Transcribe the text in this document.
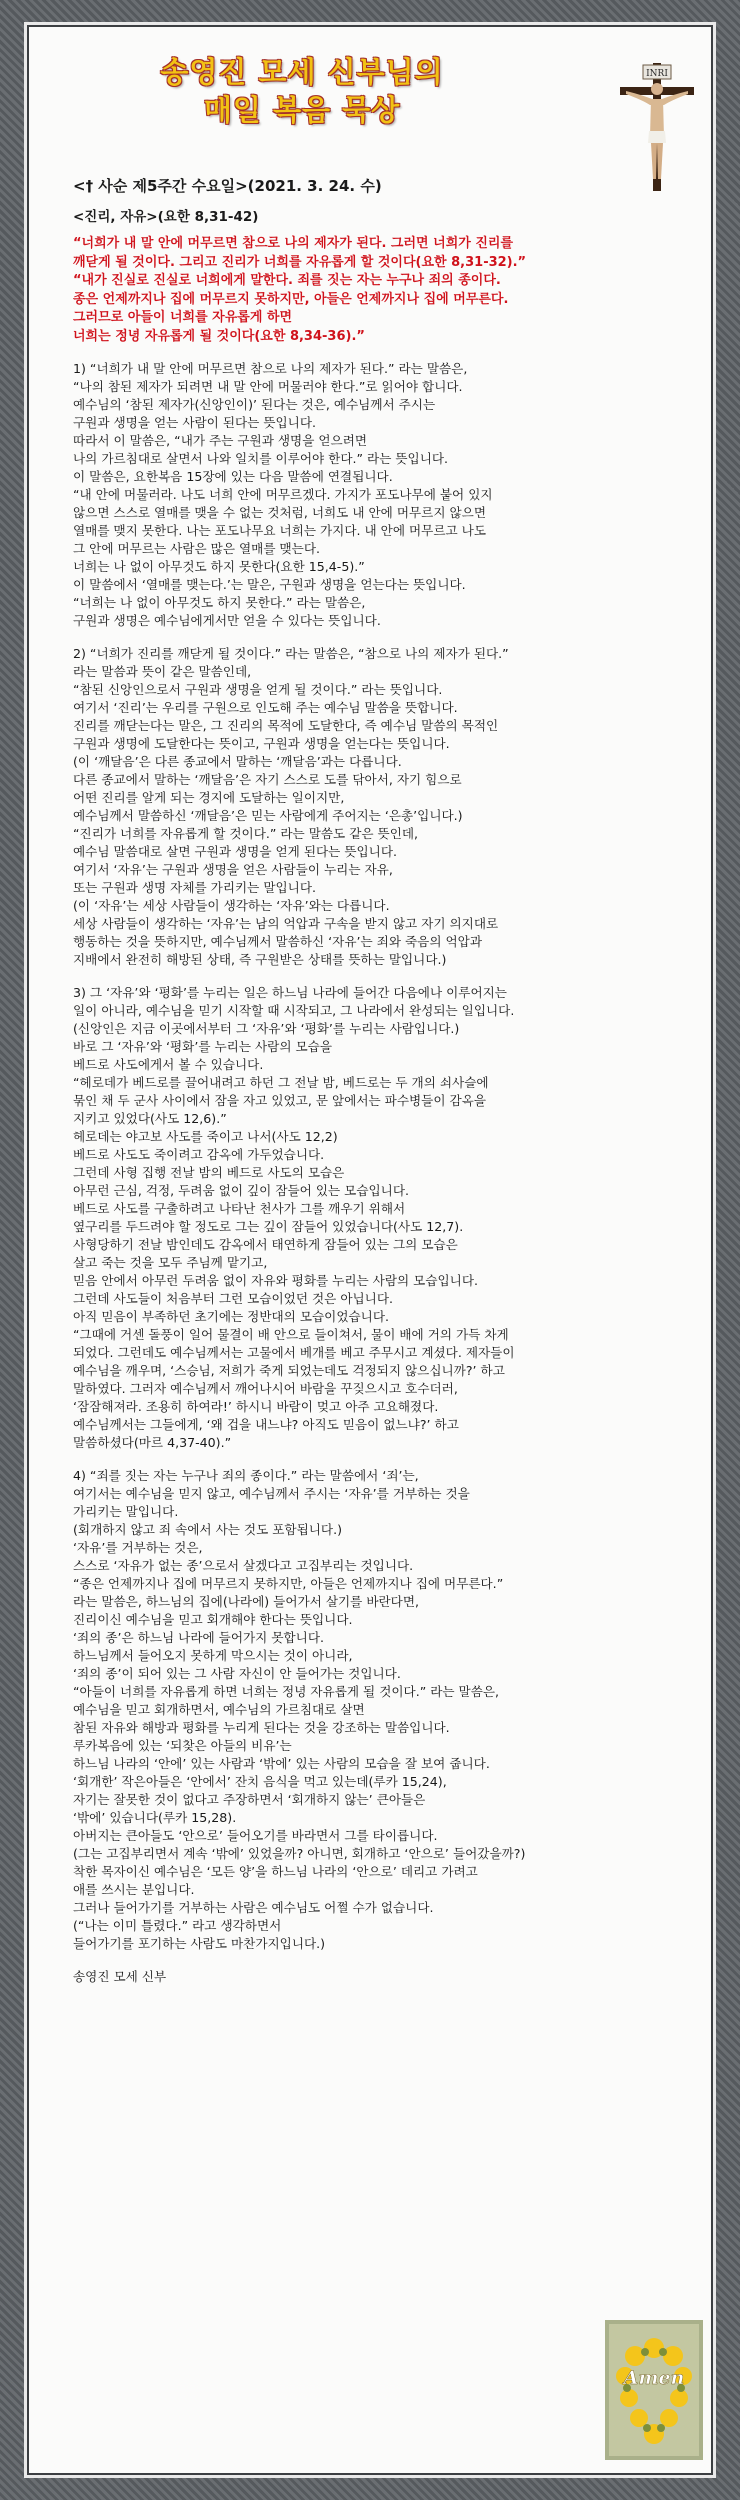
송영진 모세 신부님의
매일 복음 묵상
INRI
<† 사순 제5주간 수요일>(2021. 3. 24. 수)
<진리, 자유>(요한 8,31-42)
“너희가 내 말 안에 머무르면 참으로 나의 제자가 된다. 그러면 너희가 진리를
깨닫게 될 것이다. 그리고 진리가 너희를 자유롭게 할 것이다(요한 8,31-32).”
“내가 진실로 진실로 너희에게 말한다. 죄를 짓는 자는 누구나 죄의 종이다.
종은 언제까지나 집에 머무르지 못하지만, 아들은 언제까지나 집에 머무른다.
그러므로 아들이 너희를 자유롭게 하면
너희는 정녕 자유롭게 될 것이다(요한 8,34-36).”
1) “너희가 내 말 안에 머무르면 참으로 나의 제자가 된다.” 라는 말씀은,
“나의 참된 제자가 되려면 내 말 안에 머물러야 한다.”로 읽어야 합니다.
예수님의 ‘참된 제자가(신앙인이)’ 된다는 것은, 예수님께서 주시는
구원과 생명을 얻는 사람이 된다는 뜻입니다.
따라서 이 말씀은, “내가 주는 구원과 생명을 얻으려면
나의 가르침대로 살면서 나와 일치를 이루어야 한다.” 라는 뜻입니다.
이 말씀은, 요한복음 15장에 있는 다음 말씀에 연결됩니다.
“내 안에 머물러라. 나도 너희 안에 머무르겠다. 가지가 포도나무에 붙어 있지
않으면 스스로 열매를 맺을 수 없는 것처럼, 너희도 내 안에 머무르지 않으면
열매를 맺지 못한다. 나는 포도나무요 너희는 가지다. 내 안에 머무르고 나도
그 안에 머무르는 사람은 많은 열매를 맺는다.
너희는 나 없이 아무것도 하지 못한다(요한 15,4-5).”
이 말씀에서 ‘열매를 맺는다.’는 말은, 구원과 생명을 얻는다는 뜻입니다.
“너희는 나 없이 아무것도 하지 못한다.” 라는 말씀은,
구원과 생명은 예수님에게서만 얻을 수 있다는 뜻입니다.
2) “너희가 진리를 깨닫게 될 것이다.” 라는 말씀은, “참으로 나의 제자가 된다.”
라는 말씀과 뜻이 같은 말씀인데,
“참된 신앙인으로서 구원과 생명을 얻게 될 것이다.” 라는 뜻입니다.
여기서 ‘진리’는 우리를 구원으로 인도해 주는 예수님 말씀을 뜻합니다.
진리를 깨닫는다는 말은, 그 진리의 목적에 도달한다, 즉 예수님 말씀의 목적인
구원과 생명에 도달한다는 뜻이고, 구원과 생명을 얻는다는 뜻입니다.
(이 ‘깨달음’은 다른 종교에서 말하는 ‘깨달음’과는 다릅니다.
다른 종교에서 말하는 ‘깨달음’은 자기 스스로 도를 닦아서, 자기 힘으로
어떤 진리를 알게 되는 경지에 도달하는 일이지만,
예수님께서 말씀하신 ‘깨달음’은 믿는 사람에게 주어지는 ‘은총’입니다.)
“진리가 너희를 자유롭게 할 것이다.” 라는 말씀도 같은 뜻인데,
예수님 말씀대로 살면 구원과 생명을 얻게 된다는 뜻입니다.
여기서 ‘자유’는 구원과 생명을 얻은 사람들이 누리는 자유,
또는 구원과 생명 자체를 가리키는 말입니다.
(이 ‘자유’는 세상 사람들이 생각하는 ‘자유’와는 다릅니다.
세상 사람들이 생각하는 ‘자유’는 남의 억압과 구속을 받지 않고 자기 의지대로
행동하는 것을 뜻하지만, 예수님께서 말씀하신 ‘자유’는 죄와 죽음의 억압과
지배에서 완전히 해방된 상태, 즉 구원받은 상태를 뜻하는 말입니다.)
3) 그 ‘자유’와 ‘평화’를 누리는 일은 하느님 나라에 들어간 다음에나 이루어지는
일이 아니라, 예수님을 믿기 시작할 때 시작되고, 그 나라에서 완성되는 일입니다.
(신앙인은 지금 이곳에서부터 그 ‘자유’와 ‘평화’를 누리는 사람입니다.)
바로 그 ‘자유’와 ‘평화’를 누리는 사람의 모습을
베드로 사도에게서 볼 수 있습니다.
“헤로데가 베드로를 끌어내려고 하던 그 전날 밤, 베드로는 두 개의 쇠사슬에
묶인 채 두 군사 사이에서 잠을 자고 있었고, 문 앞에서는 파수병들이 감옥을
지키고 있었다(사도 12,6).”
헤로데는 야고보 사도를 죽이고 나서(사도 12,2)
베드로 사도도 죽이려고 감옥에 가두었습니다.
그런데 사형 집행 전날 밤의 베드로 사도의 모습은
아무런 근심, 걱정, 두려움 없이 깊이 잠들어 있는 모습입니다.
베드로 사도를 구출하려고 나타난 천사가 그를 깨우기 위해서
옆구리를 두드려야 할 정도로 그는 깊이 잠들어 있었습니다(사도 12,7).
사형당하기 전날 밤인데도 감옥에서 태연하게 잠들어 있는 그의 모습은
살고 죽는 것을 모두 주님께 맡기고,
믿음 안에서 아무런 두려움 없이 자유와 평화를 누리는 사람의 모습입니다.
그런데 사도들이 처음부터 그런 모습이었던 것은 아닙니다.
아직 믿음이 부족하던 초기에는 정반대의 모습이었습니다.
“그때에 거센 돌풍이 일어 물결이 배 안으로 들이쳐서, 물이 배에 거의 가득 차게
되었다. 그런데도 예수님께서는 고물에서 베개를 베고 주무시고 계셨다. 제자들이
예수님을 깨우며, ‘스승님, 저희가 죽게 되었는데도 걱정되지 않으십니까?’ 하고
말하였다. 그러자 예수님께서 깨어나시어 바람을 꾸짖으시고 호수더러,
‘잠잠해져라. 조용히 하여라!’ 하시니 바람이 멎고 아주 고요해졌다.
예수님께서는 그들에게, ‘왜 겁을 내느냐? 아직도 믿음이 없느냐?’ 하고
말씀하셨다(마르 4,37-40).”
4) “죄를 짓는 자는 누구나 죄의 종이다.” 라는 말씀에서 ‘죄’는,
여기서는 예수님을 믿지 않고, 예수님께서 주시는 ‘자유’를 거부하는 것을
가리키는 말입니다.
(회개하지 않고 죄 속에서 사는 것도 포함됩니다.)
‘자유’를 거부하는 것은,
스스로 ‘자유가 없는 종’으로서 살겠다고 고집부리는 것입니다.
“종은 언제까지나 집에 머무르지 못하지만, 아들은 언제까지나 집에 머무른다.”
라는 말씀은, 하느님의 집에(나라에) 들어가서 살기를 바란다면,
진리이신 예수님을 믿고 회개해야 한다는 뜻입니다.
‘죄의 종’은 하느님 나라에 들어가지 못합니다.
하느님께서 들어오지 못하게 막으시는 것이 아니라,
‘죄의 종’이 되어 있는 그 사람 자신이 안 들어가는 것입니다.
“아들이 너희를 자유롭게 하면 너희는 정녕 자유롭게 될 것이다.” 라는 말씀은,
예수님을 믿고 회개하면서, 예수님의 가르침대로 살면
참된 자유와 해방과 평화를 누리게 된다는 것을 강조하는 말씀입니다.
루카복음에 있는 ‘되찾은 아들의 비유’는
하느님 나라의 ‘안에’ 있는 사람과 ‘밖에’ 있는 사람의 모습을 잘 보여 줍니다.
‘회개한’ 작은아들은 ‘안에서’ 잔치 음식을 먹고 있는데(루카 15,24),
자기는 잘못한 것이 없다고 주장하면서 ‘회개하지 않는’ 큰아들은
‘밖에’ 있습니다(루카 15,28).
아버지는 큰아들도 ‘안으로’ 들어오기를 바라면서 그를 타이릅니다.
(그는 고집부리면서 계속 ‘밖에’ 있었을까? 아니면, 회개하고 ‘안으로’ 들어갔을까?)
착한 목자이신 예수님은 ‘모든 양’을 하느님 나라의 ‘안으로’ 데리고 가려고
애를 쓰시는 분입니다.
그러나 들어가기를 거부하는 사람은 예수님도 어쩔 수가 없습니다.
(“나는 이미 틀렸다.” 라고 생각하면서
들어가기를 포기하는 사람도 마찬가지입니다.)
송영진 모세 신부
Amen
